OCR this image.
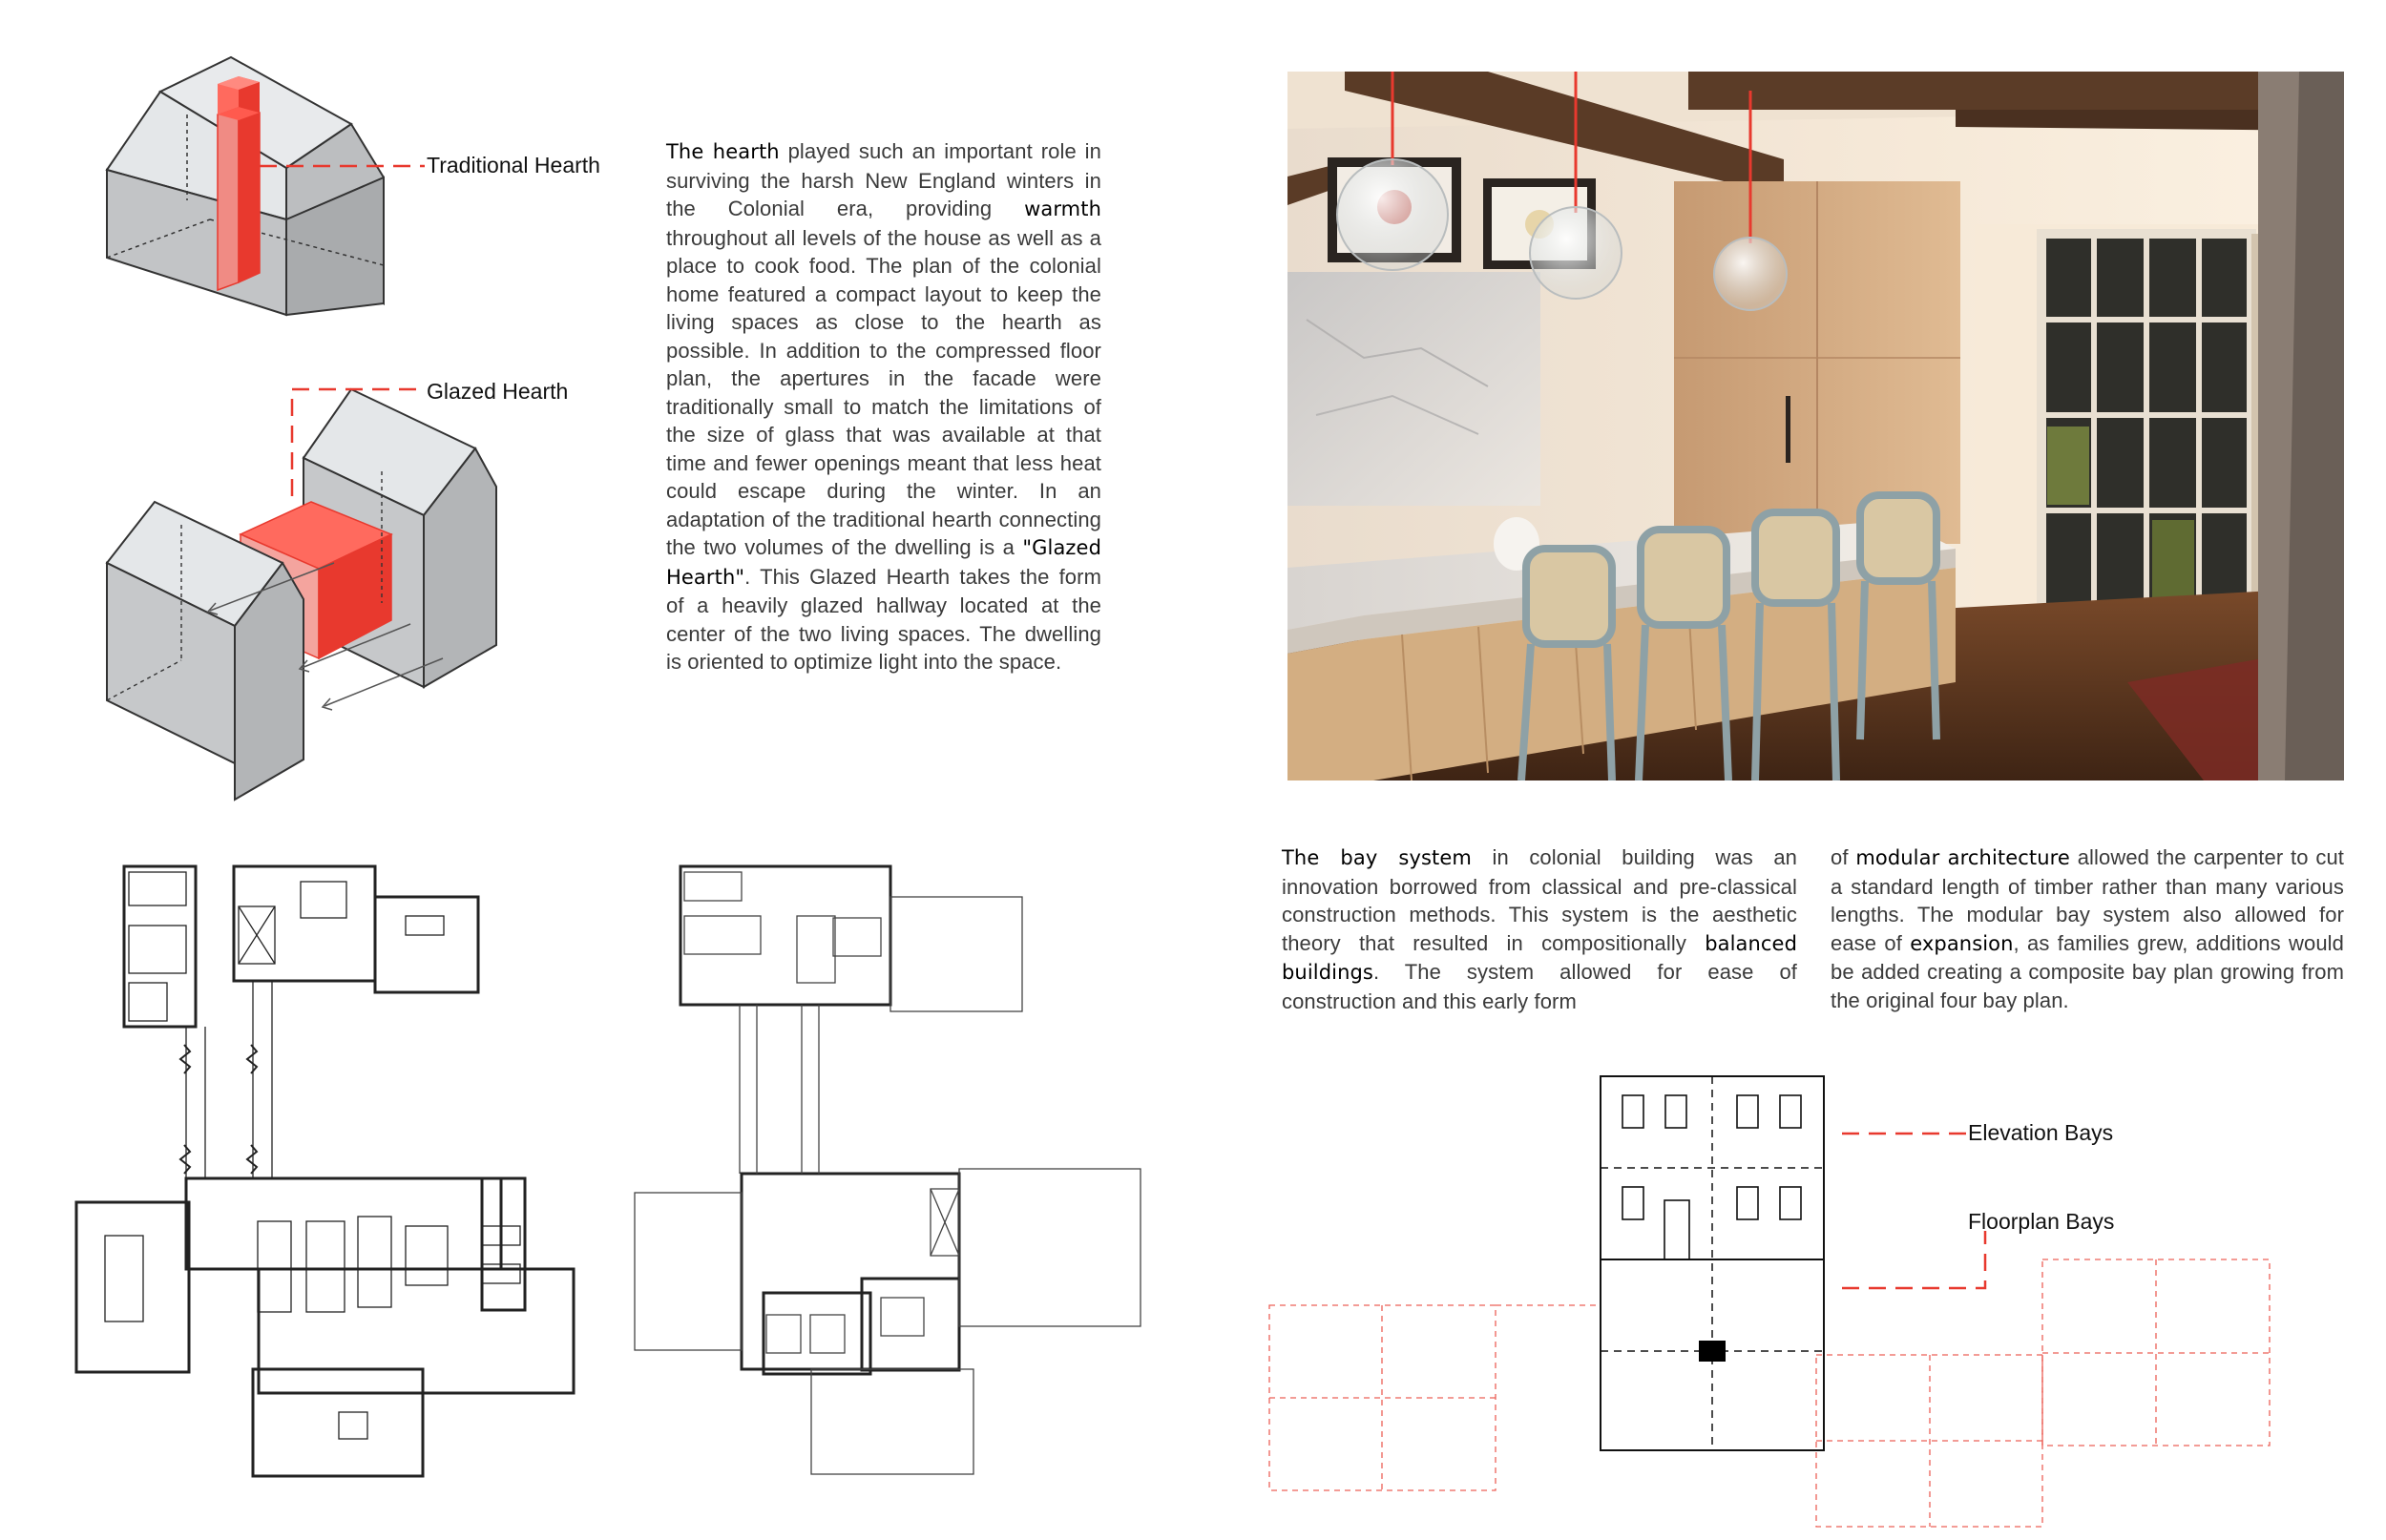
Traditional Hearth
Glazed Hearth
The hearth played such an important role in surviving the harsh New England winters in the Colonial era, providing warmth throughout all levels of the house as well as a place to cook food. The plan of the colonial home featured a compact layout to keep the living spaces as close to the hearth as possible. In addition to the compressed floor plan, the apertures in the facade were traditionally small to match the limitations of the size of glass that was available at that time and fewer openings meant that less heat could escape during the winter. In an adaptation of the traditional hearth connecting the two volumes of the dwelling is a "Glazed Hearth". This Glazed Hearth takes the form of a heavily glazed hallway located at the center of the two living spaces. The dwelling is oriented to optimize light into the space.
The bay system in colonial building was an innovation borrowed from classical and pre-classical construction methods. This system is the aesthetic theory that resulted in compositionally balanced buildings. The system allowed for ease of construction and this early form
of modular architecture allowed the carpenter to cut a standard length of timber rather than many various lengths. The modular bay system also allowed for ease of expansion, as families grew, additions would be added creating a composite bay plan growing from the original four bay plan.
Elevation Bays
Floorplan Bays
